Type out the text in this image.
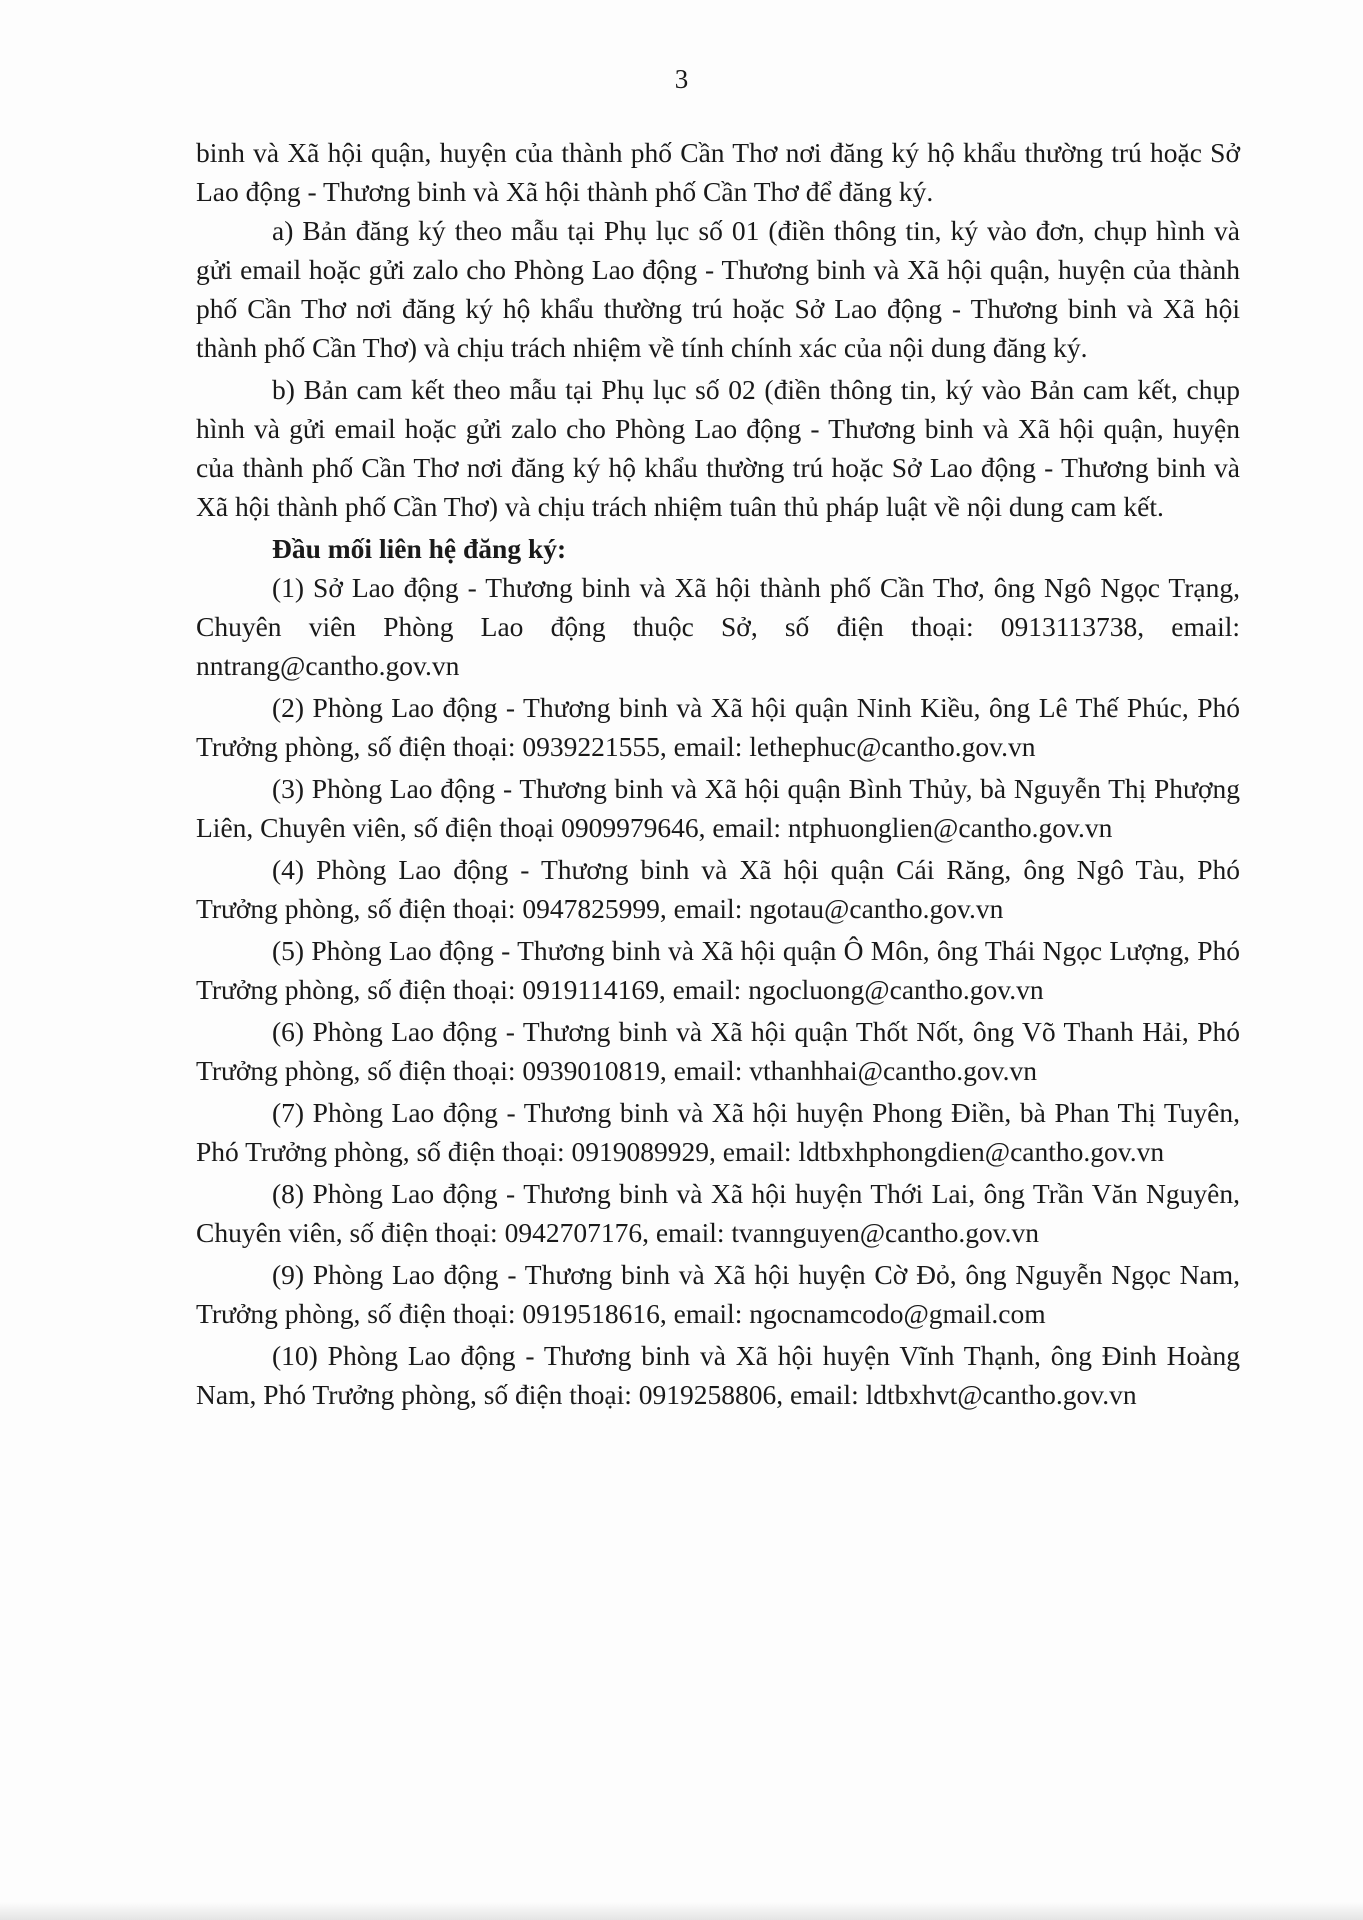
3

binh và Xã hội quận, huyện của thành phố Cần Thơ nơi đăng ký hộ khẩu thường trú hoặc Sở Lao động - Thương binh và Xã hội thành phố Cần Thơ để đăng ký.

a) Bản đăng ký theo mẫu tại Phụ lục số 01 (điền thông tin, ký vào đơn, chụp hình và gửi email hoặc gửi zalo cho Phòng Lao động - Thương binh và Xã hội quận, huyện của thành phố Cần Thơ nơi đăng ký hộ khẩu thường trú hoặc Sở Lao động - Thương binh và Xã hội thành phố Cần Thơ) và chịu trách nhiệm về tính chính xác của nội dung đăng ký.

b) Bản cam kết theo mẫu tại Phụ lục số 02 (điền thông tin, ký vào Bản cam kết, chụp hình và gửi email hoặc gửi zalo cho Phòng Lao động - Thương binh và Xã hội quận, huyện của thành phố Cần Thơ nơi đăng ký hộ khẩu thường trú hoặc Sở Lao động - Thương binh và Xã hội thành phố Cần Thơ) và chịu trách nhiệm tuân thủ pháp luật về nội dung cam kết.

Đầu mối liên hệ đăng ký:

(1) Sở Lao động - Thương binh và Xã hội thành phố Cần Thơ, ông Ngô Ngọc Trạng, Chuyên viên Phòng Lao động thuộc Sở, số điện thoại: 0913113738, email: nntrang@cantho.gov.vn

(2) Phòng Lao động - Thương binh và Xã hội quận Ninh Kiều, ông Lê Thế Phúc, Phó Trưởng phòng, số điện thoại: 0939221555, email: lethephuc@cantho.gov.vn

(3) Phòng Lao động - Thương binh và Xã hội quận Bình Thủy, bà Nguyễn Thị Phượng Liên, Chuyên viên, số điện thoại 0909979646, email: ntphuonglien@cantho.gov.vn

(4) Phòng Lao động - Thương binh và Xã hội quận Cái Răng, ông Ngô Tàu, Phó Trưởng phòng, số điện thoại: 0947825999, email: ngotau@cantho.gov.vn

(5) Phòng Lao động - Thương binh và Xã hội quận Ô Môn, ông Thái Ngọc Lượng, Phó Trưởng phòng, số điện thoại: 0919114169, email: ngocluong@cantho.gov.vn

(6) Phòng Lao động - Thương binh và Xã hội quận Thốt Nốt, ông Võ Thanh Hải, Phó Trưởng phòng, số điện thoại: 0939010819, email: vthanhhai@cantho.gov.vn

(7) Phòng Lao động - Thương binh và Xã hội huyện Phong Điền, bà Phan Thị Tuyên, Phó Trưởng phòng, số điện thoại: 0919089929, email: ldtbxhphongdien@cantho.gov.vn

(8) Phòng Lao động - Thương binh và Xã hội huyện Thới Lai, ông Trần Văn Nguyên, Chuyên viên, số điện thoại: 0942707176, email: tvannguyen@cantho.gov.vn

(9) Phòng Lao động - Thương binh và Xã hội huyện Cờ Đỏ, ông Nguyễn Ngọc Nam, Trưởng phòng, số điện thoại: 0919518616, email: ngocnamcodo@gmail.com

(10) Phòng Lao động - Thương binh và Xã hội huyện Vĩnh Thạnh, ông Đinh Hoàng Nam, Phó Trưởng phòng, số điện thoại: 0919258806, email: ldtbxhvt@cantho.gov.vn
